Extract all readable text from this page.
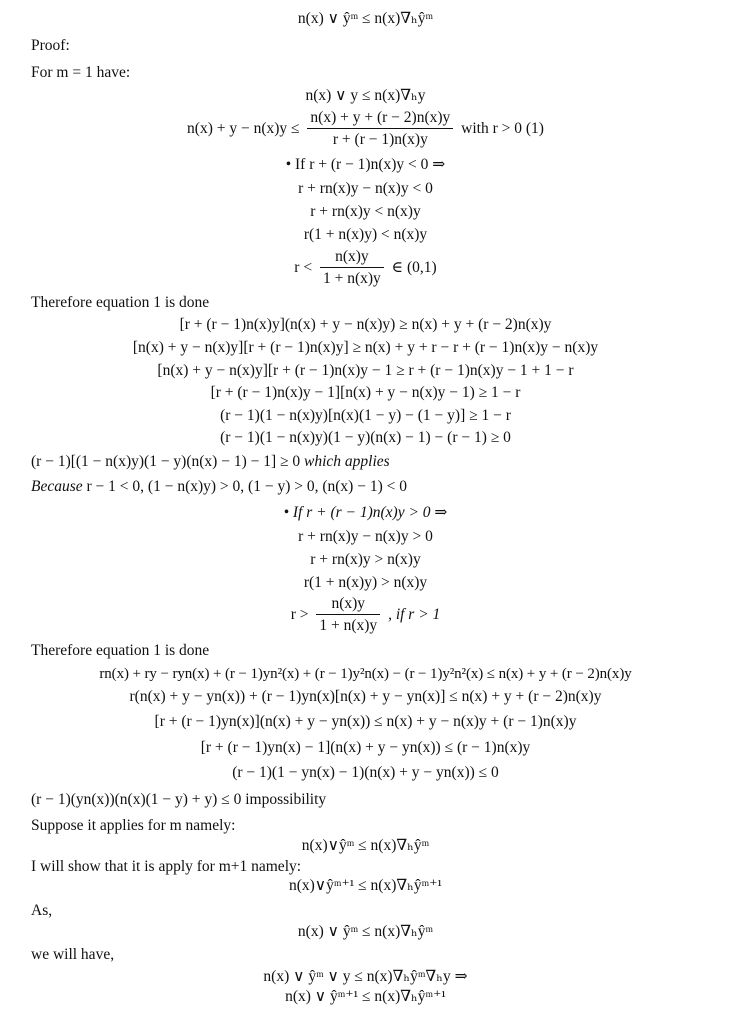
n(x) ∨ ŷᵐ ≤ n(x)∇ₕŷᵐ
Proof:
For m = 1 have:
n(x) ∨ y ≤ n(x)∇ₕy
$n(x) + y - n(x)y \le \frac{n(x) + y + (r - 2)n(x)y}{r + (r - 1)n(x)y}$ with r > 0 (1)
• If r + (r − 1)n(x)y < 0 ⇒
r + rn(x)y − n(x)y < 0
r + rn(x)y < n(x)y
r(1 + n(x)y) < n(x)y
$r < \frac{n(x)y}{1 + n(x)y}$ ∈ (0,1)
Therefore equation 1 is done
[r + (r − 1)n(x)y](n(x) + y − n(x)y) ≥ n(x) + y + (r − 2)n(x)y
[n(x) + y − n(x)y][r + (r − 1)n(x)y] ≥ n(x) + y + r − r + (r − 1)n(x)y − n(x)y
[n(x) + y − n(x)y][r + (r − 1)n(x)y − 1 ≥ r + (r − 1)n(x)y − 1 + 1 − r
[r + (r − 1)n(x)y − 1][n(x) + y − n(x)y − 1) ≥ 1 − r
(r − 1)(1 − n(x)y)[n(x)(1 − y) − (1 − y)] ≥ 1 − r
(r − 1)(1 − n(x)y)(1 − y)(n(x) − 1) − (r − 1) ≥ 0
(r − 1)[(1 − n(x)y)(1 − y)(n(x) − 1) − 1] ≥ 0 which applies
Because r − 1 < 0, (1 − n(x)y) > 0, (1 − y) > 0, (n(x) − 1) < 0
• If r + (r − 1)n(x)y > 0 ⇒
r + rn(x)y − n(x)y > 0
r + rn(x)y > n(x)y
r(1 + n(x)y) > n(x)y
$r > \frac{n(x)y}{1 + n(x)y}$ , if r > 1
Therefore equation 1 is done
rn(x) + ry − ryn(x) + (r − 1)yn²(x) + (r − 1)y²n(x) − (r − 1)y²n²(x) ≤ n(x) + y + (r − 2)n(x)y
r(n(x) + y − yn(x)) + (r − 1)yn(x)[n(x) + y − yn(x)] ≤ n(x) + y + (r − 2)n(x)y
[r + (r − 1)yn(x)](n(x) + y − yn(x)) ≤ n(x) + y − n(x)y + (r − 1)n(x)y
[r + (r − 1)yn(x) − 1](n(x) + y − yn(x)) ≤ (r − 1)n(x)y
(r − 1)(1 − yn(x) − 1)(n(x) + y − yn(x)) ≤ 0
(r − 1)(yn(x))(n(x)(1 − y) + y) ≤ 0 impossibility
Suppose it applies for m namely:
n(x)∨ŷᵐ ≤ n(x)∇ₕŷᵐ
I will show that it is apply for m+1 namely:
n(x)∨ŷᵐ⁺¹ ≤ n(x)∇ₕŷᵐ⁺¹
As,
n(x) ∨ ŷᵐ ≤ n(x)∇ₕŷᵐ
we will have,
n(x) ∨ ŷᵐ ∨ y ≤ n(x)∇ₕŷᵐ∇ₕy ⇒
n(x) ∨ ŷᵐ⁺¹ ≤ n(x)∇ₕŷᵐ⁺¹
